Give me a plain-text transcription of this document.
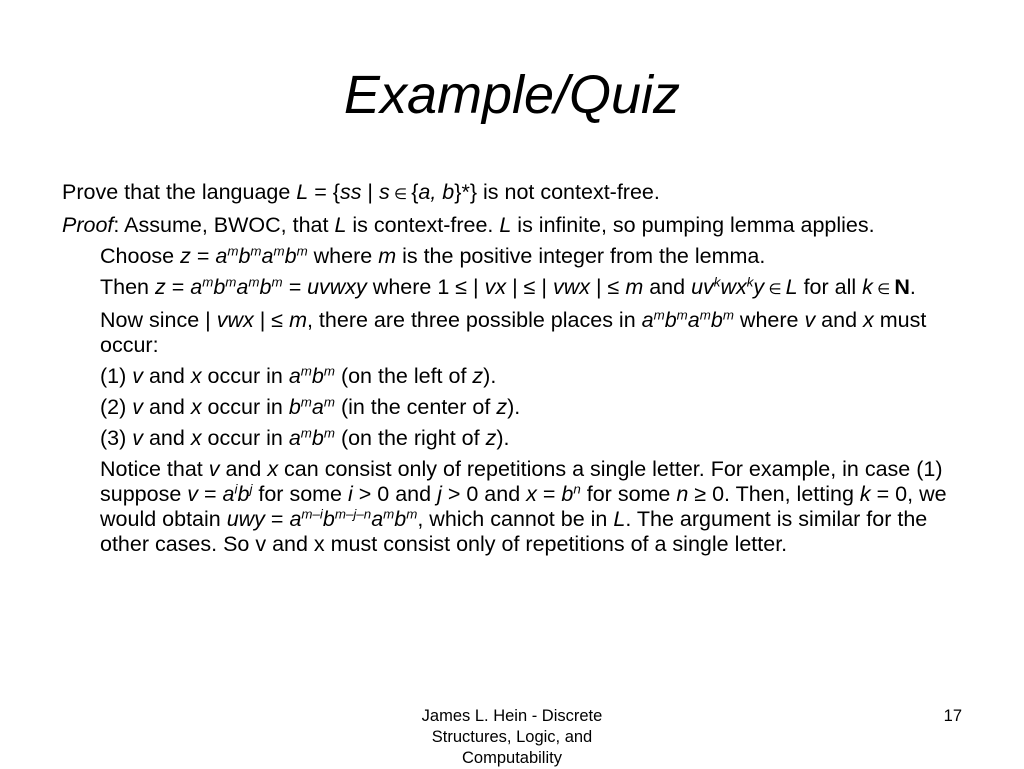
Example/Quiz

Prove that the language L = {ss | s ∈ {a, b}*} is not context-free.

Proof: Assume, BWOC, that L is context-free. L is infinite, so pumping lemma applies.

Choose $z = a^mb^ma^mb^m$ where m is the positive integer from the lemma.

Then $z = a^mb^ma^mb^m$ = uvwxy where 1 ≤ | vx | ≤ | vwx | ≤ m and $uv^kwx^ky$ ∈ L for all k ∈ N.

Now since | vwx | ≤ m, there are three possible places in $a^mb^ma^mb^m$ where v and x must occur:

(1) v and x occur in $a^mb^m$ (on the left of z).

(2) v and x occur in $b^ma^m$ (in the center of z).

(3) v and x occur in $a^mb^m$ (on the right of z).

Notice that v and x can consist only of repetitions a single letter. For example, in case (1) suppose $v = a^ib^j$ for some i > 0 and j > 0 and $x = b^n$ for some n ≥ 0. Then, letting k = 0, we would obtain uwy = $a^{m-i}b^{m-j-n}a^mb^m$, which cannot be in L. The argument is similar for the other cases. So v and x must consist only of repetitions of a single letter.

James L. Hein - Discrete Structures, Logic, and Computability
17
